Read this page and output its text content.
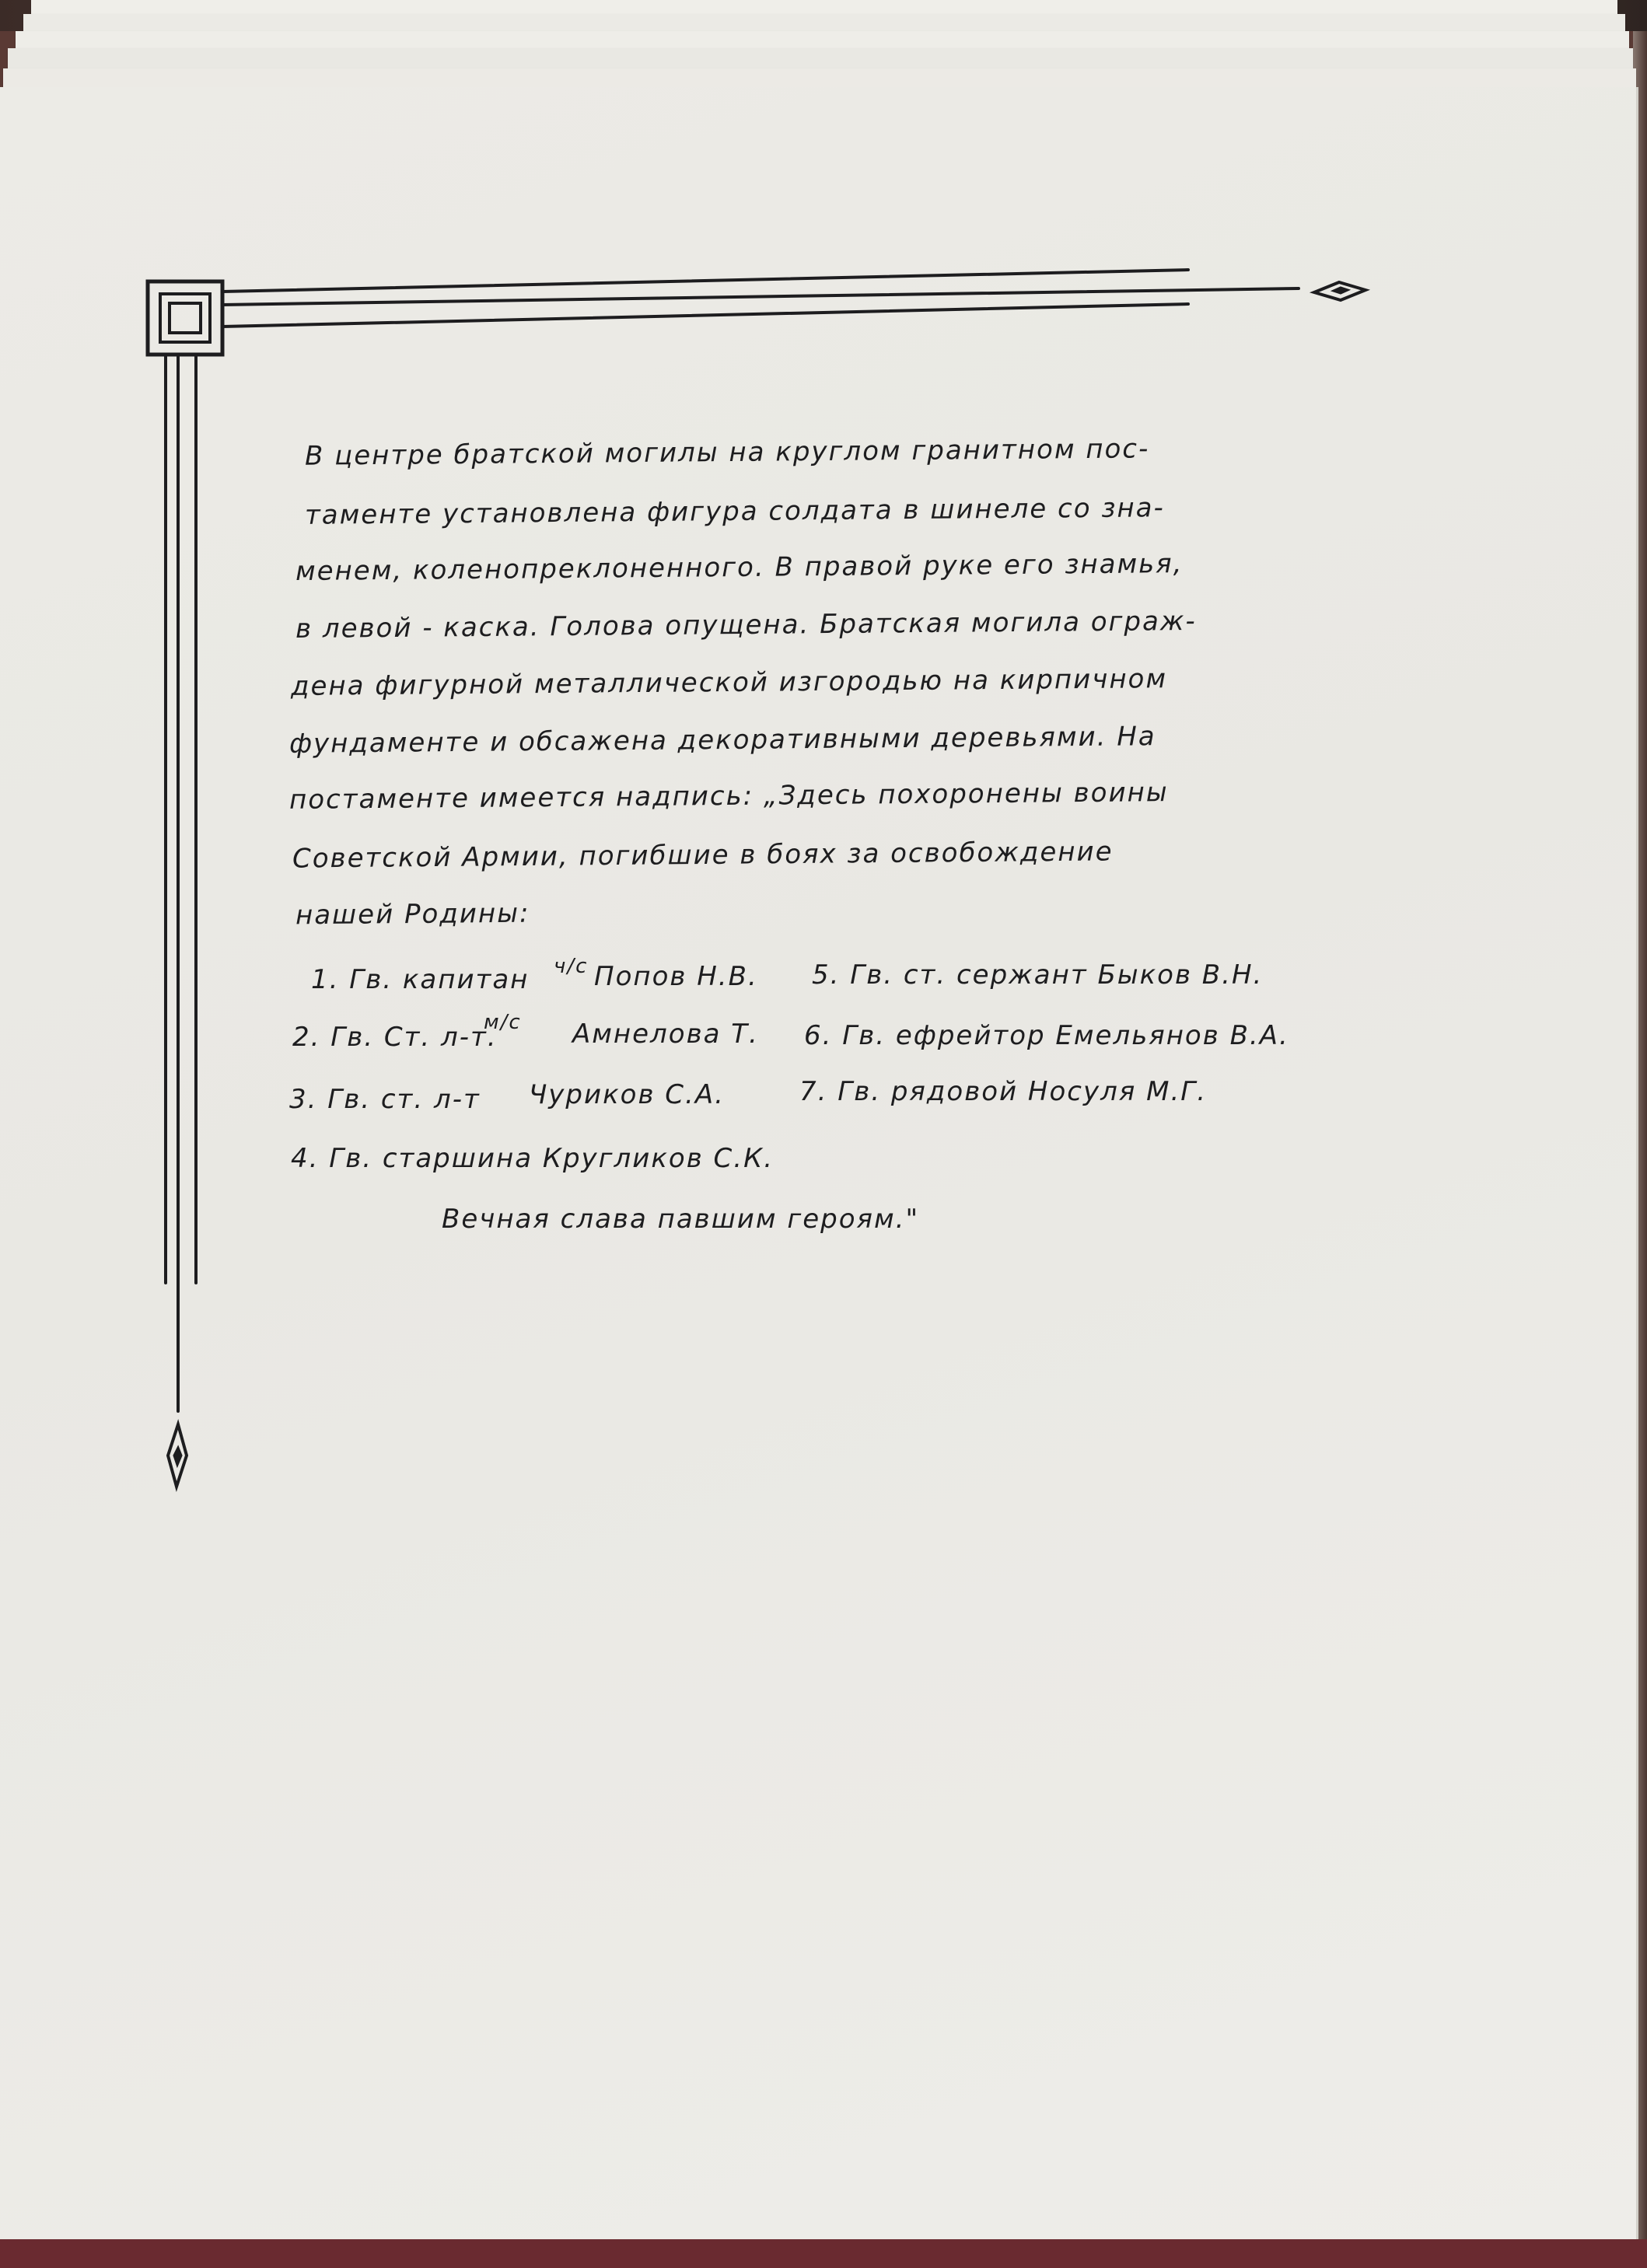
В центре братской могилы на круглом гранитном пос-
таменте установлена фигура солдата в шинеле со зна-
менем, коленопреклоненного. В правой руке его знамья,
в левой - каска. Голова опущена. Братская могила ограж-
дена фигурной металлической изгородью на кирпичном
фундаменте и обсажена декоративными деревьями. На
постаменте имеется надпись: „Здесь похоронены воины
Советской Армии, погибшие в боях за освобождение
нашей Родины:
1. Гв. капитан ч/с Попов Н.В.
2. Гв. Ст. л-т.
м/с Амнелова Т.
3. Гв. ст. л-т Чуриков С.А.
4. Гв. старшина Кругликов С.К.
5. Гв. ст. сержант Быков В.Н.
6. Гв. ефрейтор Емельянов В.А.
7. Гв. рядовой Носуля М.Г.
Вечная слава павшим героям."
